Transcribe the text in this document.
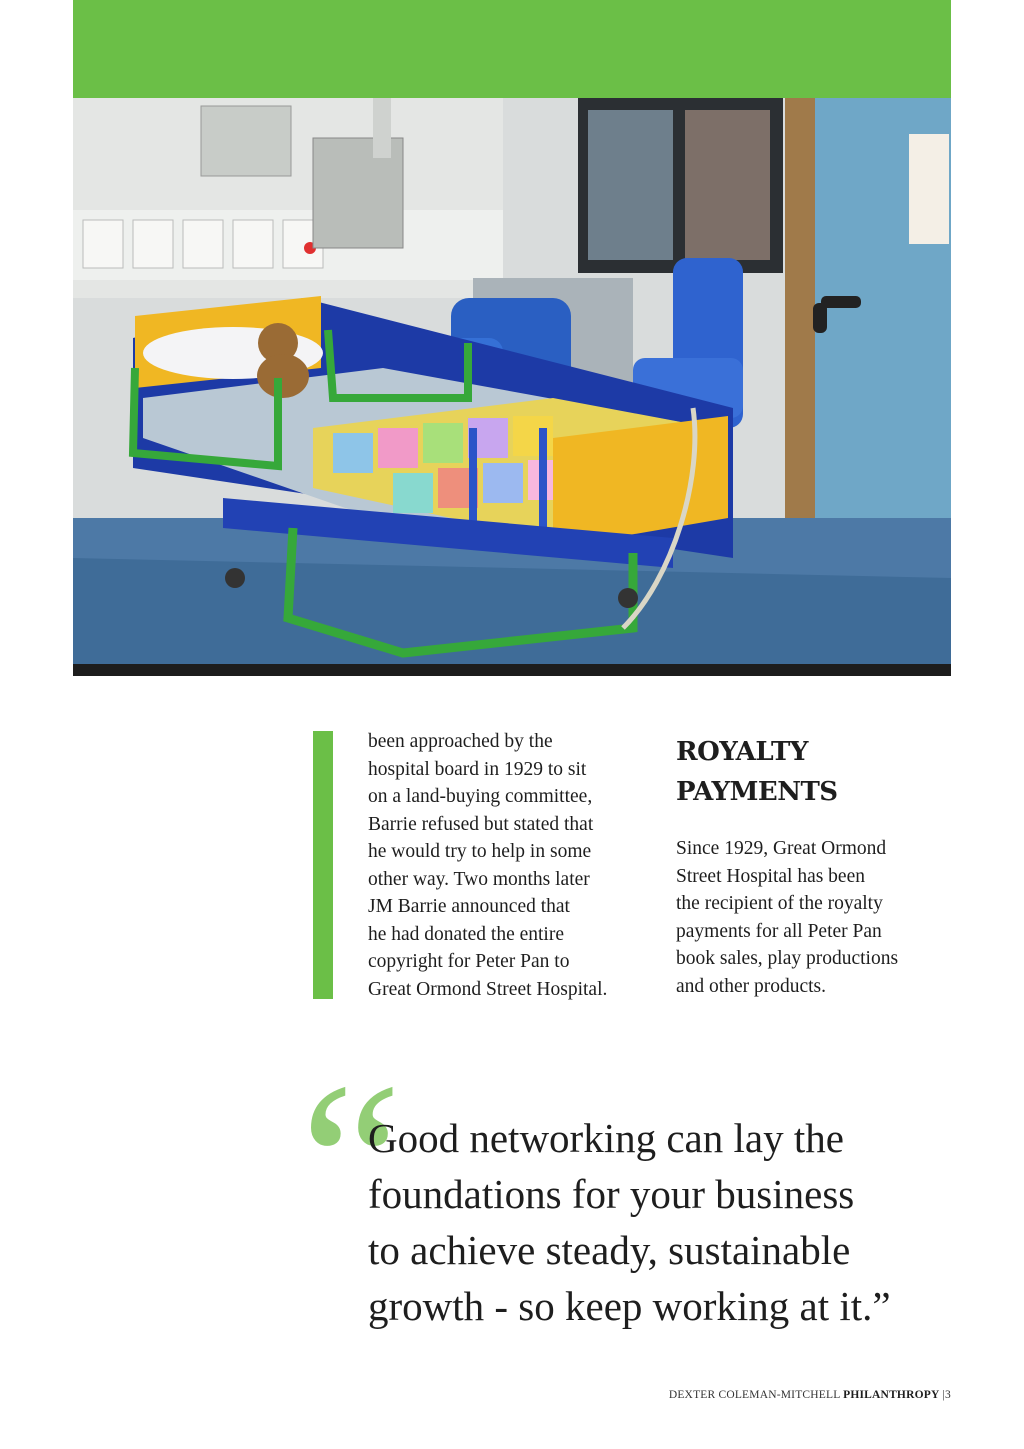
been approached by the
hospital board in 1929 to sit
on a land-buying committee,
Barrie refused but stated that
he would try to help in some
other way. Two months later
JM Barrie announced that
he had donated the entire
copyright for Peter Pan to
Great Ormond Street Hospital.

ROYALTY
PAYMENTS

Since 1929, Great Ormond
Street Hospital has been
the recipient of the royalty
payments for all Peter Pan
book sales, play productions
and other products.

“

Good networking can lay the
foundations for your business
to achieve steady, sustainable
growth - so keep working at it.”

DEXTER COLEMAN-MITCHELL PHILANTHROPY |3
